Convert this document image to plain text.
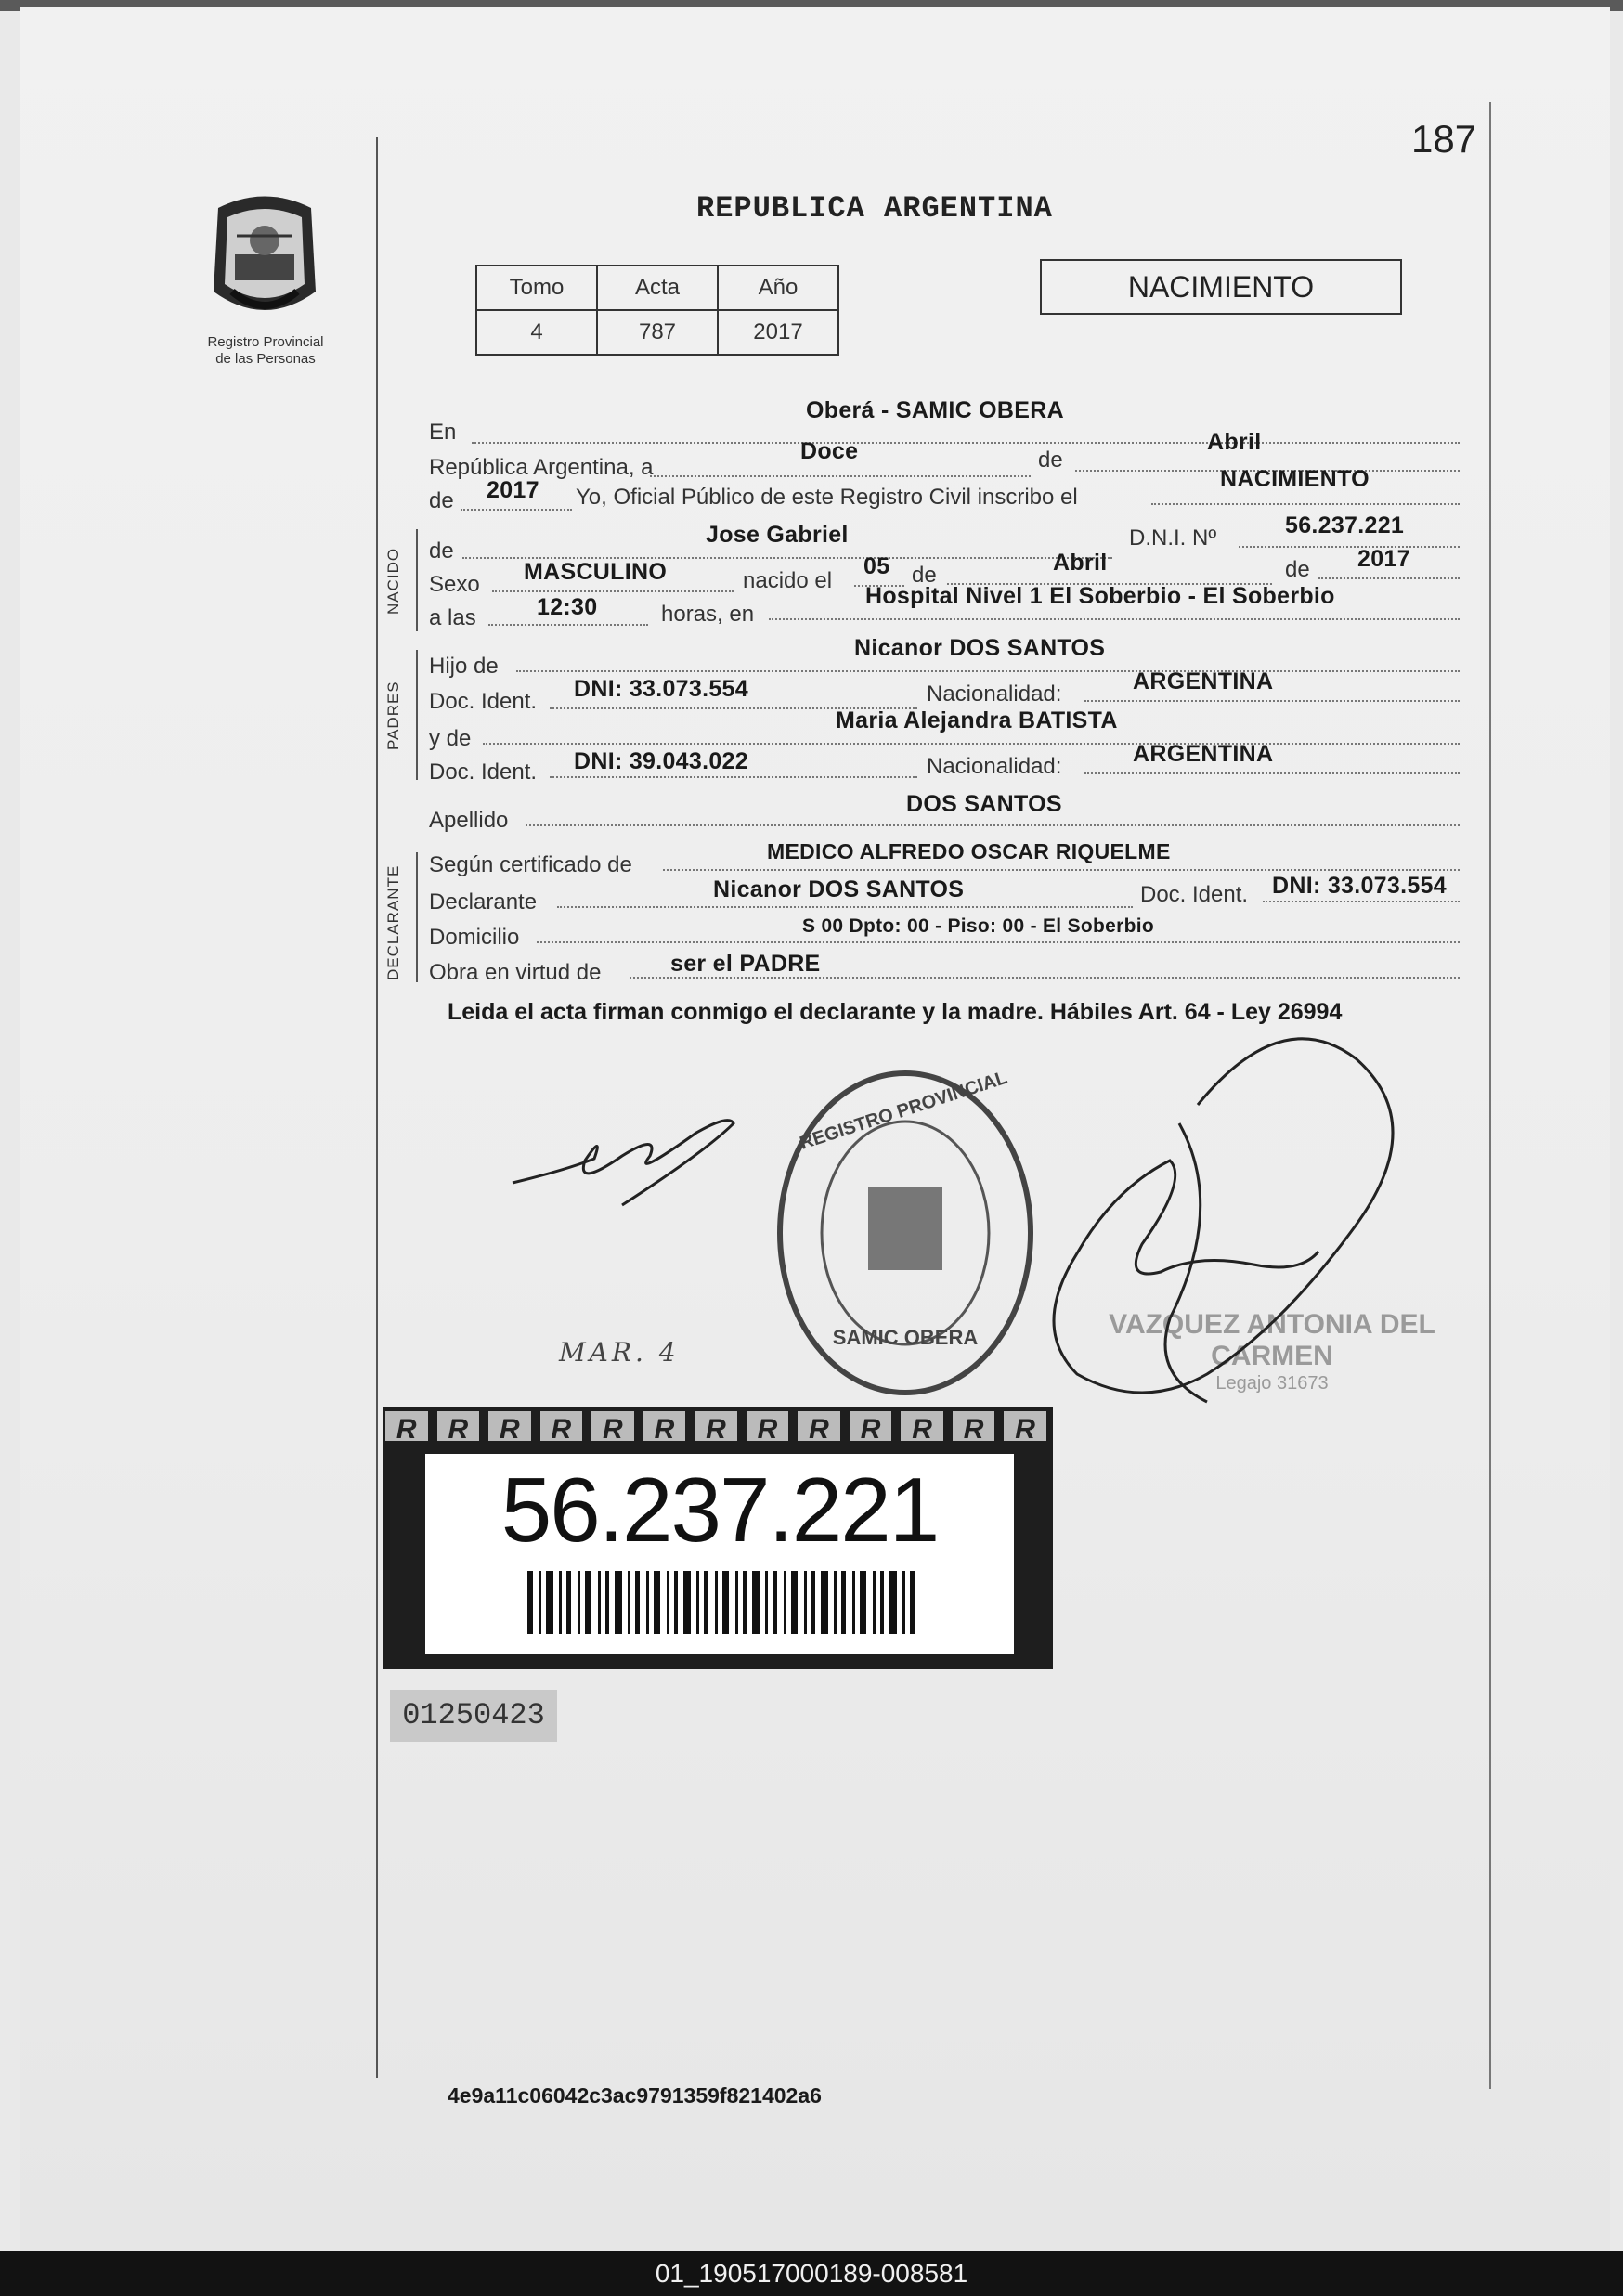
187
Registro Provincial
de las Personas
REPUBLICA ARGENTINA
Tomo	Acta	Año
4	787	2017
NACIMIENTO
En
Oberá - SAMIC OBERA
República Argentina, a
Doce	de
Abril
de 2017 Yo, Oficial Público de este Registro Civil inscribo el
NACIMIENTO
NACIDO de
Jose Gabriel	D.N.I. Nº	56.237.221
Sexo MASCULINO	nacido el
05 de	Abril	de 2017
a las	12:30	horas, en
Hospital Nivel 1 El Soberbio - El Soberbio
PADRES
Hijo de
Nicanor DOS SANTOS
Doc. Ident. DNI: 33.073.554	Nacionalidad:	ARGENTINA
y de
Maria Alejandra BATISTA
Doc. Ident. DNI: 39.043.022	Nacionalidad:	ARGENTINA
Apellido
DOS SANTOS
DECLARANTE
Según certificado de
MEDICO ALFREDO OSCAR RIQUELME
Declarante	Nicanor DOS SANTOS	Doc. Ident. DNI: 33.073.554
Domicilio	S 00 Dpto: 00 - Piso: 00 - El Soberbio
Obra en virtud de	ser el PADRE
Leida el acta firman conmigo el declarante y la madre. Hábiles Art. 64 - Ley 26994
REGISTRO PROVINCIAL
SAMIC OBERA
MAR. 4
VAZQUEZ ANTONIA DEL CARMEN
Legajo 31673
R	R	R	R	R	R	R	R	R	R	R	R	R
56.237.221
01250423
4e9a11c06042c3ac9791359f821402a6
01_190517000189-008581
